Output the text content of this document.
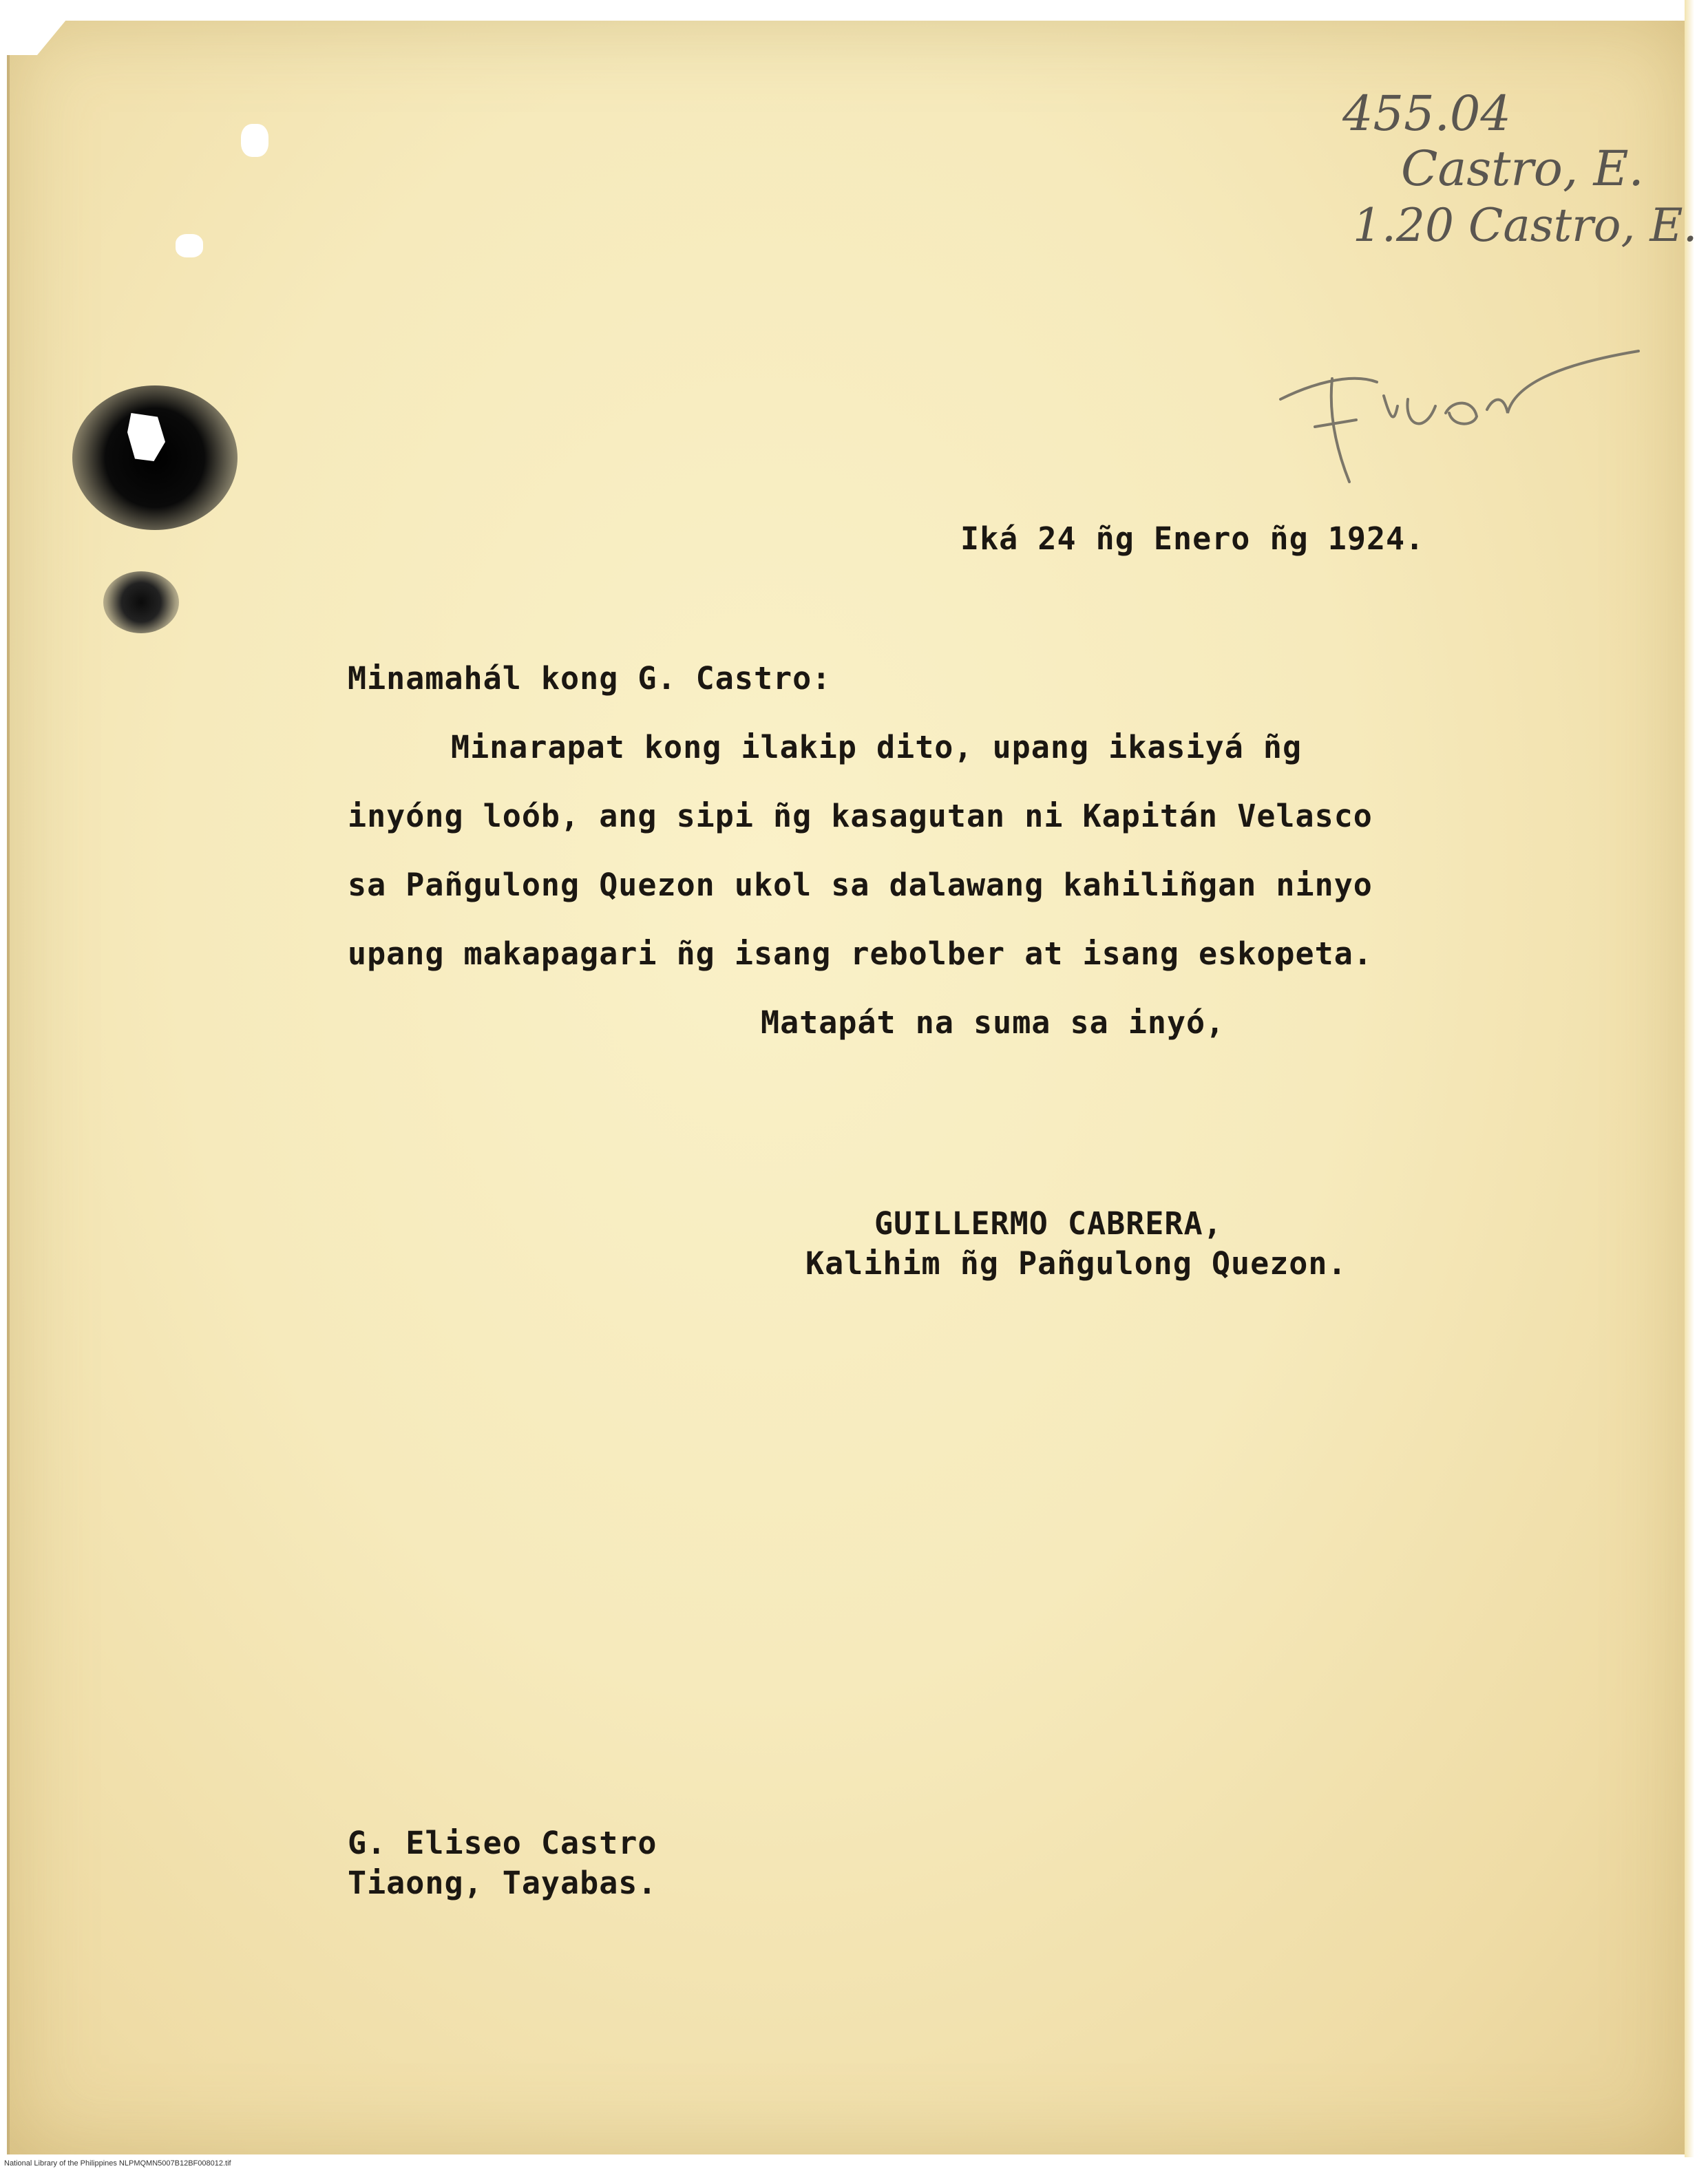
455.04

Castro, E.

1.20 Castro, E.

Filer

Iká 24 ñg Enero ñg 1924.

Minamahál kong G. Castro:

Minarapat kong ilakip dito, upang ikasiyá ñg

inyóng loób, ang sipi ñg kasagutan ni Kapitán Velasco

sa Pañgulong Quezon ukol sa dalawang kahiliñgan ninyo

upang makapagari ñg isang rebolber at isang eskopeta.

Matapát na suma sa inyó,

GUILLERMO CABRERA,

Kalihim ñg Pañgulong Quezon.

G. Eliseo Castro

Tiaong, Tayabas.

National Library of the Philippines NLPMQMN5007B12BF008012.tif
